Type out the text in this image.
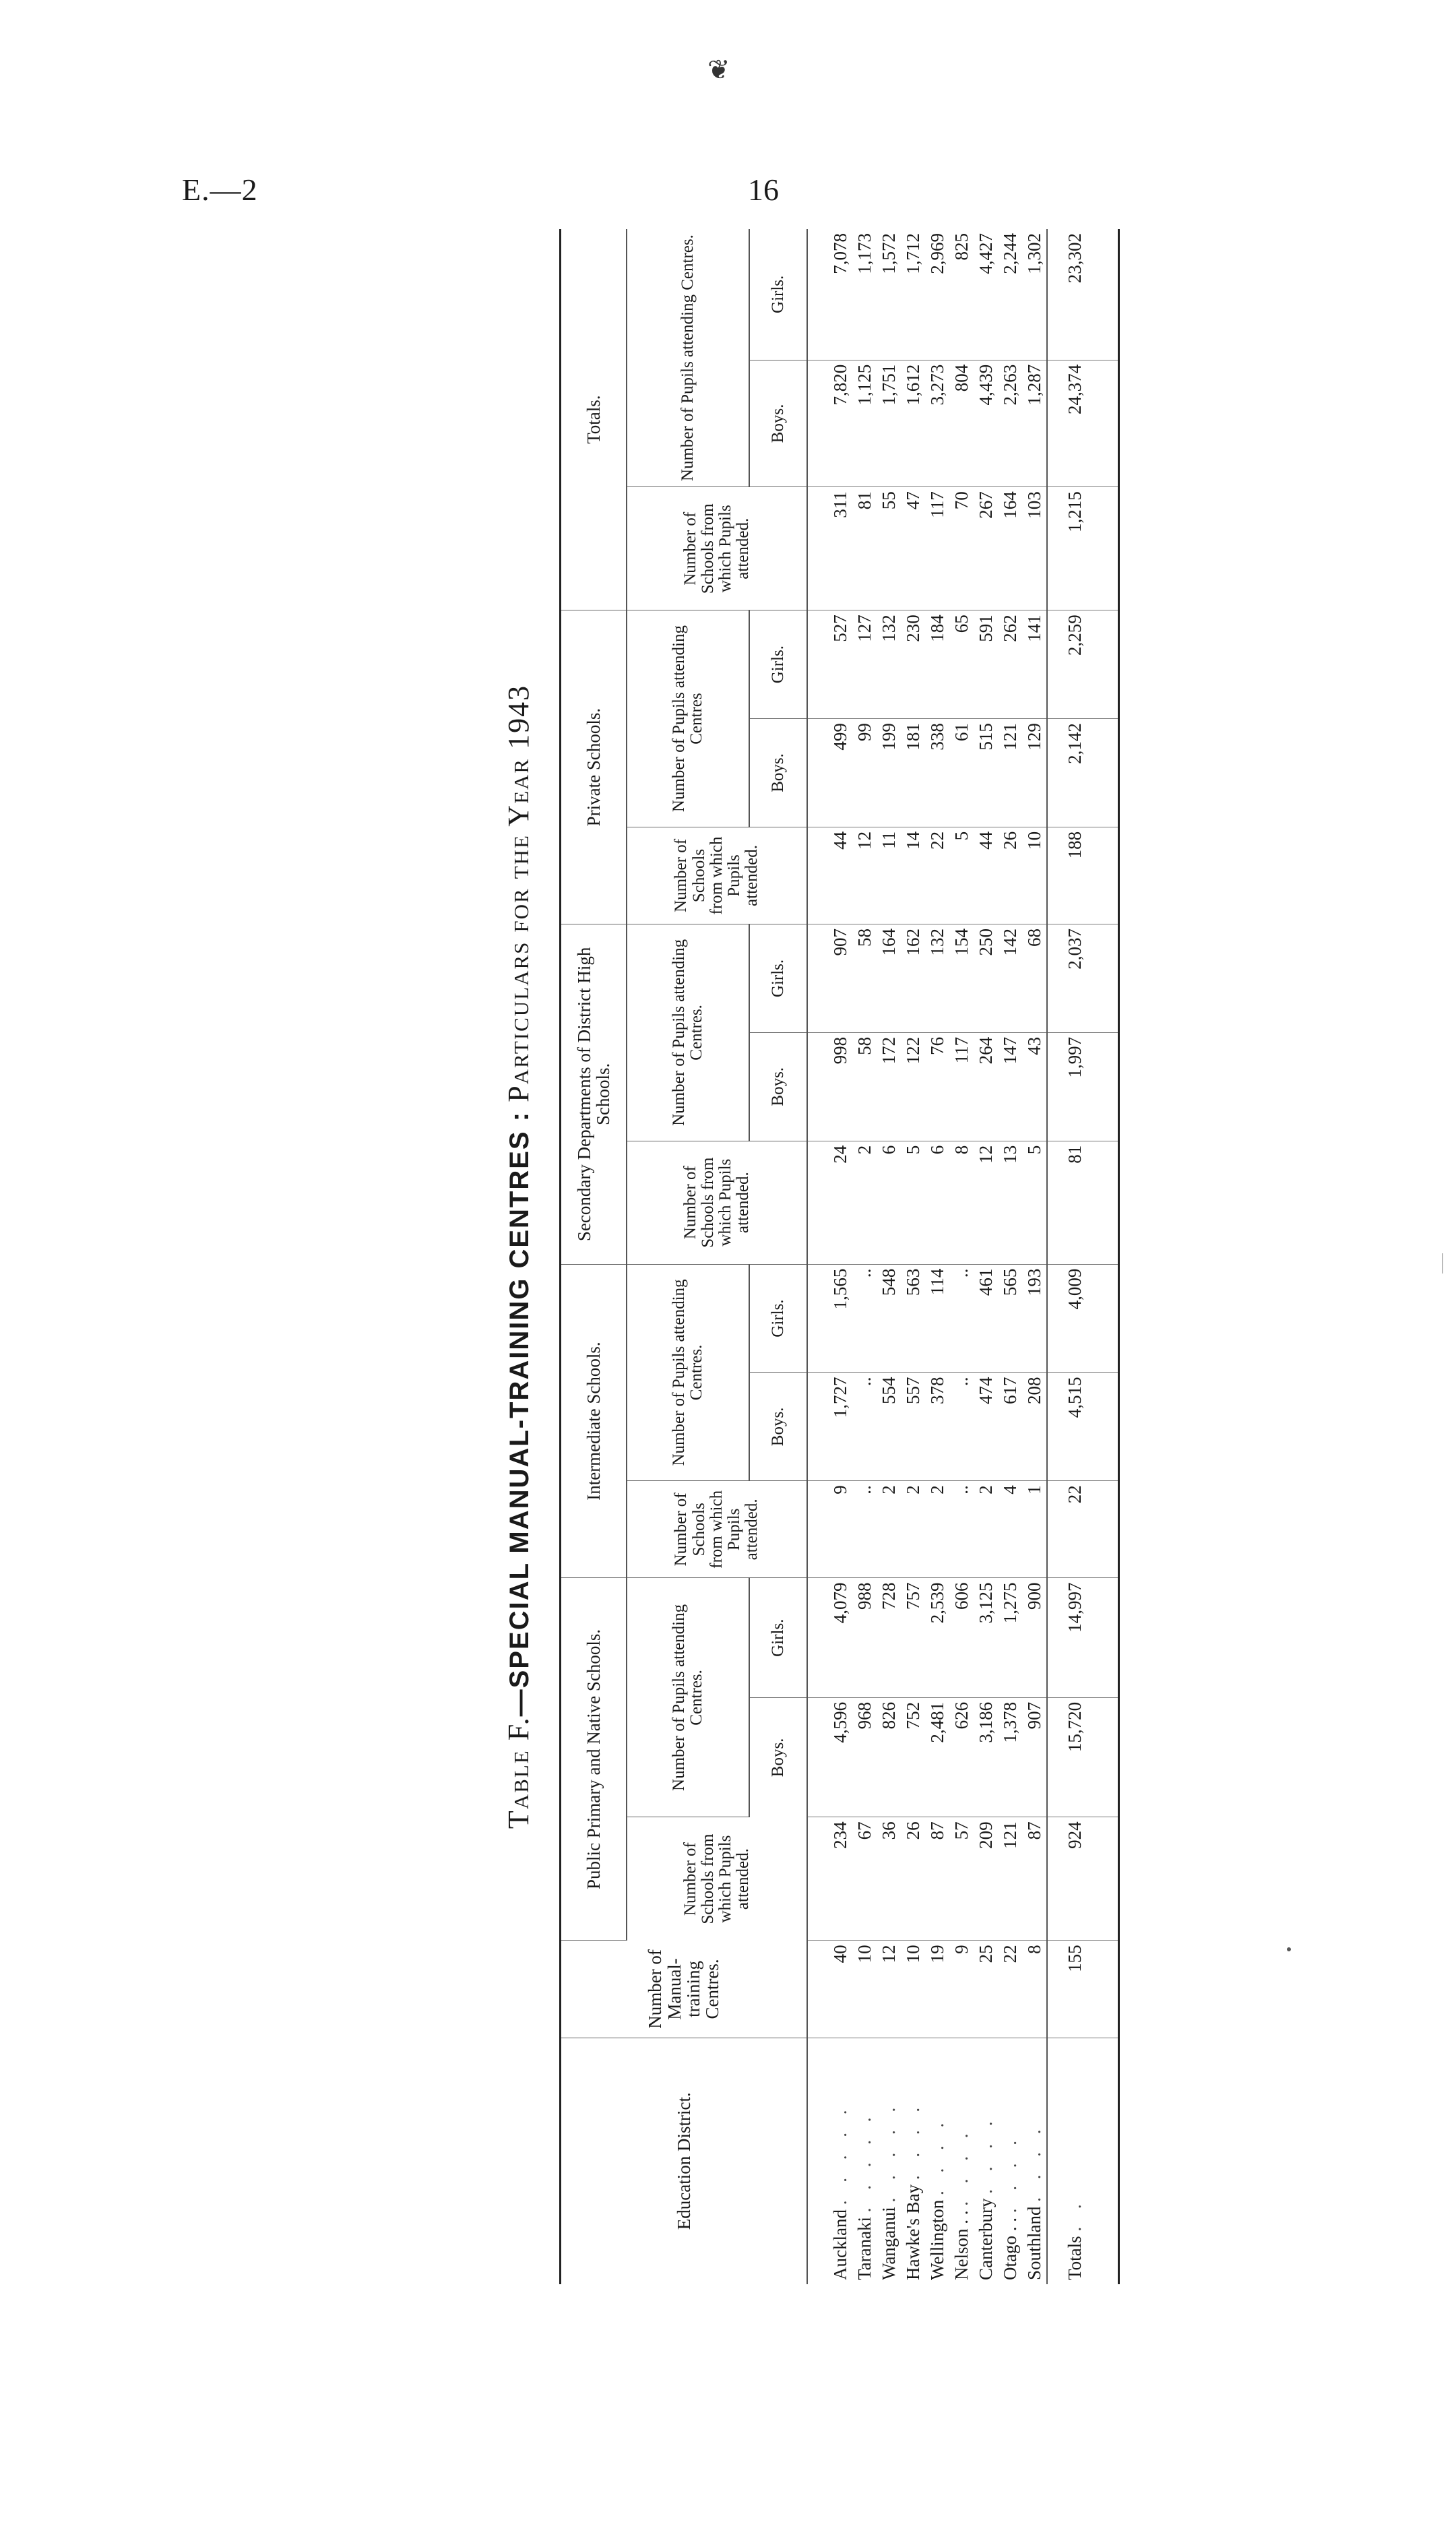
❦
E.—2	16
Table F.—SPECIAL MANUAL-TRAINING CENTRES : Particulars for the Year 1943
Education District.	Number of Manual-training Centres.	Public Primary and Native Schools.			Intermediate Schools.			Secondary Departments of District High Schools.			Private Schools.			Totals.		
		Number of Schools from which Pupils attended.	Number of Pupils attending Centres.		Number of Schools from which Pupils attended.	Number of Pupils attending Centres.		Number of Schools from which Pupils attended.	Number of Pupils attending Centres.		Number of Schools from which Pupils attended.	Number of Pupils attending Centres		Number of Schools from which Pupils attended.	Number of Pupils attending Centres.	
			Boys.	Girls.		Boys.	Girls.		Boys.	Girls.		Boys.	Girls.		Boys.	Girls.
Auckland . . . . .	40	234	4,596	4,079	9	1,727	1,565	24	998	907	44	499	527	311	7,820	7,078
Taranaki . . . . .	10	67	968	988	..	..	..	2	58	58	12	99	127	81	1,125	1,173
Wanganui . . . . .	12	36	826	728	2	554	548	6	172	164	11	199	132	55	1,751	1,572
Hawke's Bay . . . .	10	26	752	757	2	557	563	5	122	162	14	181	230	47	1,612	1,712
Wellington . . . .	19	87	2,481	2,539	2	378	114	6	76	132	22	338	184	117	3,273	2,969
Nelson . . . . . .	9	57	626	606	..	..	..	8	117	154	5	61	65	70	804	825
Canterbury . . . .	25	209	3,186	3,125	2	474	461	12	264	250	44	515	591	267	4,439	4,427
Otago . . . . . .	22	121	1,378	1,275	4	617	565	13	147	142	26	121	262	164	2,263	2,244
Southland . . . .	8	87	907	900	1	208	193	5	43	68	10	129	141	103	1,287	1,302
Totals . .	155	924	15,720	14,997	22	4,515	4,009	81	1,997	2,037	188	2,142	2,259	1,215	24,374	23,302
